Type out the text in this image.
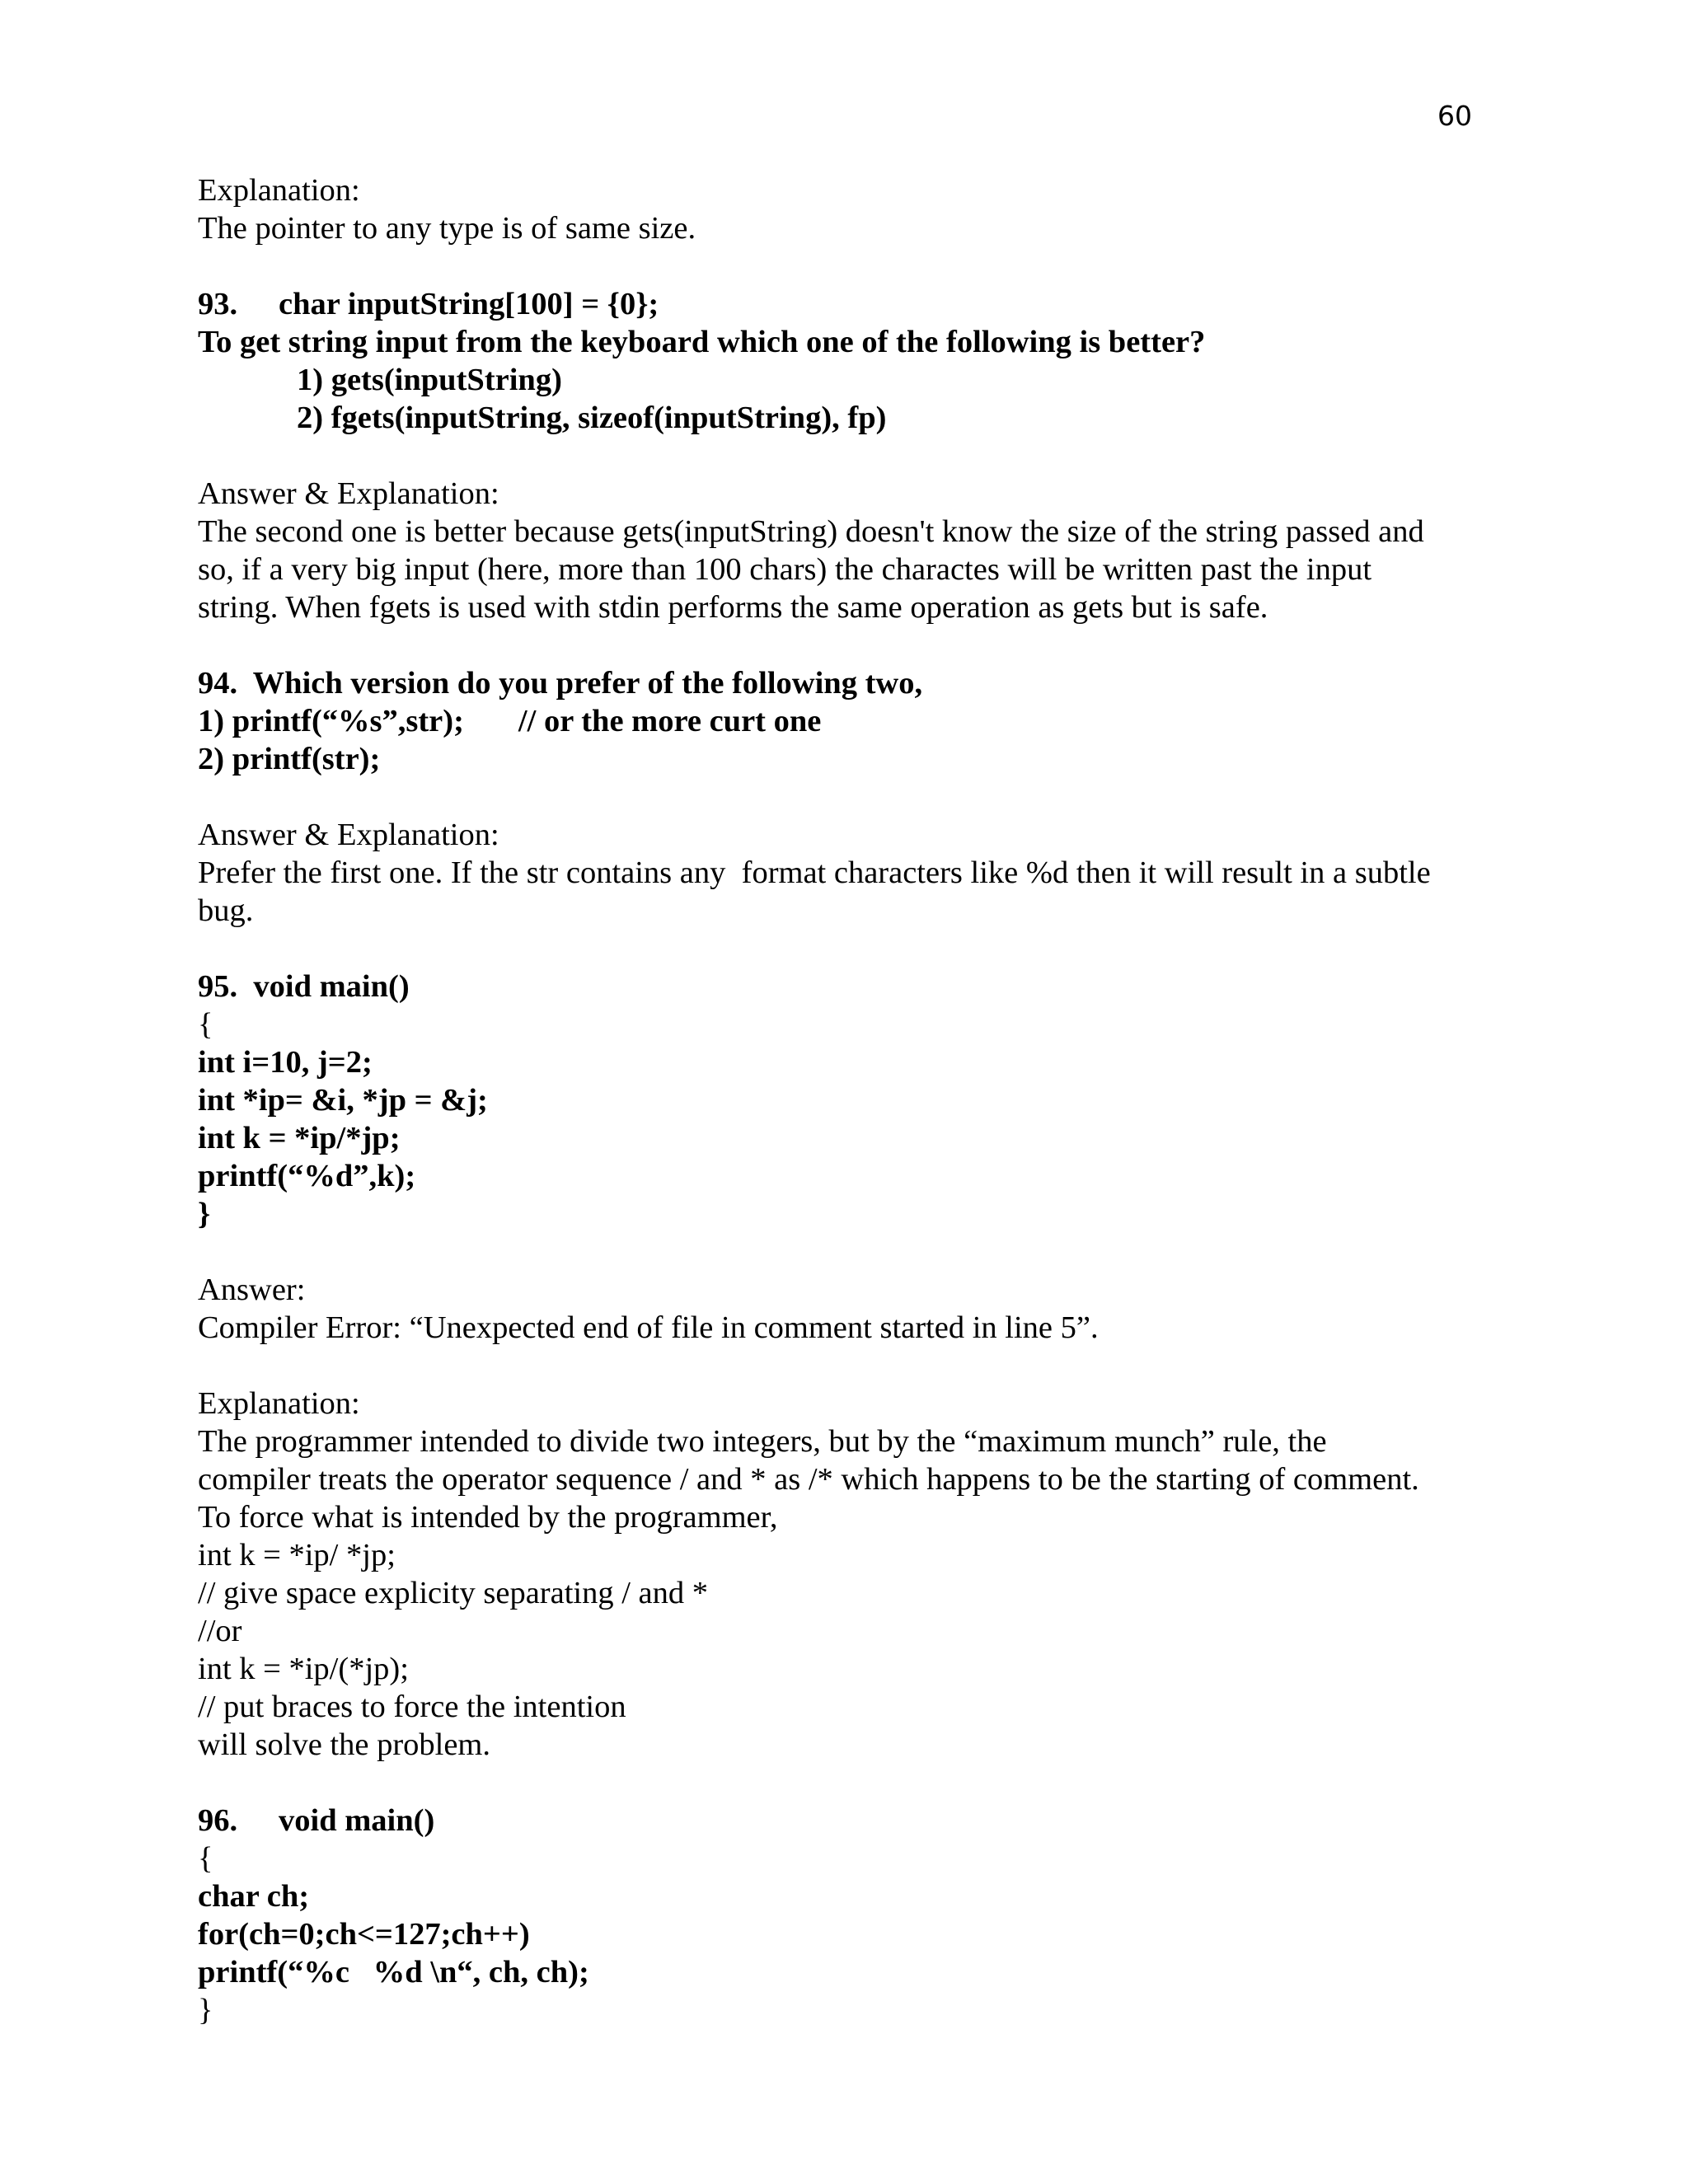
60
Explanation:
The pointer to any type is of same size.
93. char inputString[100] = {0};
To get string input from the keyboard which one of the following is better?
1) gets(inputString)
2) fgets(inputString, sizeof(inputString), fp)
Answer & Explanation:
The second one is better because gets(inputString) doesn't know the size of the string passed and
so, if a very big input (here, more than 100 chars) the charactes will be written past the input
string. When fgets is used with stdin performs the same operation as gets but is safe.
94.  Which version do you prefer of the following two,
1) printf(“%s”,str); // or the more curt one
2) printf(str);
Answer & Explanation:
Prefer the first one. If the str contains any  format characters like %d then it will result in a subtle
bug.
95.  void main()
{
int i=10, j=2;
int *ip= &i, *jp = &j;
int k = *ip/*jp;
printf(“%d”,k);
}
Answer:
Compiler Error: “Unexpected end of file in comment started in line 5”.
Explanation:
The programmer intended to divide two integers, but by the “maximum munch” rule, the
compiler treats the operator sequence / and * as /* which happens to be the starting of comment.
To force what is intended by the programmer,
int k = *ip/ *jp;
// give space explicity separating / and *
//or
int k = *ip/(*jp);
// put braces to force the intention
will solve the problem.
96. void main()
{
char ch;
for(ch=0;ch<=127;ch++)
printf(“%c   %d \n“, ch, ch);
}
